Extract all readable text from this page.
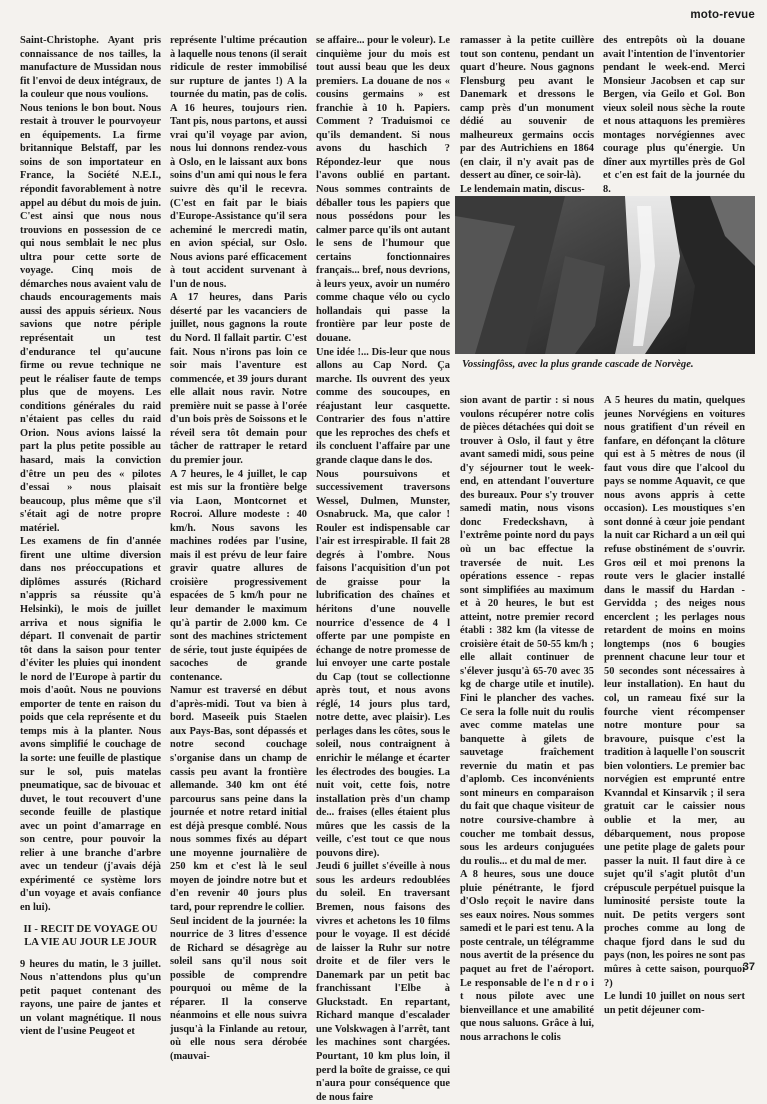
moto-revue

Saint-Christophe. Ayant pris connaissance de nos tailles, la manufacture de Mussidan nous fit l'envoi de deux intégraux, de la couleur que nous voulions.

Nous tenions le bon bout. Nous restait à trouver le pourvoyeur en équipements. La firme britannique Belstaff, par les soins de son importateur en France, la Société N.E.I., répondit favorablement à notre appel au début du mois de juin. C'est ainsi que nous nous trouvions en possession de ce qui nous semblait le nec plus ultra pour cette sorte de voyage. Cinq mois de démarches nous avaient valu de chauds encouragements mais aussi des appuis sérieux. Nous savions que notre périple représentait un test d'endurance tel qu'aucune firme ou revue technique ne peut le réaliser faute de temps plus que de moyens. Les conditions générales du raid n'étaient pas celles du raid Orion. Nous avions laissé la part la plus petite possible au hasard, mais la conviction d'être un peu des « pilotes d'essai » nous plaisait beaucoup, plus même que s'il s'était agi de notre propre matériel.

Les examens de fin d'année firent une ultime diversion dans nos préoccupations et diplômes assurés (Richard n'appris sa réussite qu'à Helsinki), le mois de juillet arriva et nous signifia le départ. Il convenait de partir tôt dans la saison pour tenter d'éviter les pluies qui inondent le nord de l'Europe à partir du mois d'août. Nous ne pouvions emporter de tente en raison du poids que cela représente et du temps mis à la planter. Nous avons simplifié le couchage de la sorte: une feuille de plastique sur le sol, puis matelas pneumatique, sac de bivouac et duvet, le tout recouvert d'une seconde feuille de plastique avec un point d'amarrage en son centre, pour pouvoir la relier à une branche d'arbre avec un tendeur (j'avais déjà expérimenté ce système lors d'un voyage et avais confiance en lui).

II - RECIT DE VOYAGE OU LA VIE AU JOUR LE JOUR

9 heures du matin, le 3 juillet. Nous n'attendons plus qu'un petit paquet contenant des rayons, une paire de jantes et un volant magnétique. Il nous vient de l'usine Peugeot et

représente l'ultime précaution à laquelle nous tenons (il serait ridicule de rester immobilisé sur rupture de jantes !) A la tournée du matin, pas de colis. A 16 heures, toujours rien. Tant pis, nous partons, et aussi vrai qu'il voyage par avion, nous lui donnons rendez-vous à Oslo, en le laissant aux bons soins d'un ami qui nous le fera suivre dès qu'il le recevra. (C'est en fait par le biais d'Europe-Assistance qu'il sera acheminé le mercredi matin, en avion spécial, sur Oslo. Nous avions paré efficacement à tout accident survenant à l'un de nous.

A 17 heures, dans Paris déserté par les vacanciers de juillet, nous gagnons la route du Nord. Il fallait partir. C'est fait. Nous n'irons pas loin ce soir mais l'aventure est commencée, et 39 jours durant elle allait nous ravir. Notre première nuit se passe à l'orée d'un bois près de Soissons et le réveil sera tôt demain pour tâcher de rattraper le retard du premier jour.

A 7 heures, le 4 juillet, le cap est mis sur la frontière belge via Laon, Montcornet et Rocroi. Allure modeste : 40 km/h. Nous savons les machines rodées par l'usine, mais il est prévu de leur faire gravir quatre allures de croisière progressivement espacées de 5 km/h pour ne leur demander le maximum qu'à partir de 2.000 km. Ce sont des machines strictement de série, tout juste équipées de sacoches de grande contenance.

Namur est traversé en début d'après-midi. Tout va bien à bord. Maseeik puis Staelen aux Pays-Bas, sont dépassés et notre second couchage s'organise dans un champ de cassis peu avant la frontière allemande. 340 km ont été parcourus sans peine dans la journée et notre retard initial est déjà presque comblé. Nous nous sommes fixés au départ une moyenne journalière de 250 km et c'est là le seul moyen de joindre notre but et d'en revenir 40 jours plus tard, pour reprendre le collier.

Seul incident de la journée: la nourrice de 3 litres d'essence de Richard se désagrège au soleil sans qu'il nous soit possible de comprendre pourquoi ou même de la réparer. Il la conserve néanmoins et elle nous suivra jusqu'à la Finlande au retour, où elle nous sera dérobée (mauvai-

se affaire... pour le voleur). Le cinquième jour du mois est tout aussi beau que les deux premiers. La douane de nos « cousins germains » est franchie à 10 h. Papiers. Comment ? Traduismoi ce qu'ils demandent. Si nous avons du haschich ? Répondez-leur que nous l'avons oublié en partant. Nous sommes contraints de déballer tous les papiers que nous possédons pour les calmer parce qu'ils ont autant le sens de l'humour que certains fonctionnaires français... bref, nous devrions, à leurs yeux, avoir un numéro comme chaque vélo ou cyclo hollandais qui passe la frontière par leur poste de douane.

Une idée !... Dis-leur que nous allons au Cap Nord. Ça marche. Ils ouvrent des yeux comme des soucoupes, en réajustant leur casquette. Contrarier des fous n'attire que les reproches des chefs et ils concluent l'affaire par une grande claque dans le dos.

Nous poursuivons et successivement traversons Wessel, Dulmen, Munster, Osnabruck. Ma, que calor ! Rouler est indispensable car l'air est irrespirable. Il fait 28 degrés à l'ombre. Nous faisons l'acquisition d'un pot de graisse pour la lubrification des chaînes et héritons d'une nouvelle nourrice d'essence de 4 l offerte par une pompiste en échange de notre promesse de lui envoyer une carte postale du Cap (tout se collectionne après tout, et nous avons réglé, 14 jours plus tard, notre dette, avec plaisir). Les perlages dans les côtes, sous le soleil, nous contraignent à enrichir le mélange et écarter les électrodes des bougies. La nuit voit, cette fois, notre installation près d'un champ de... fraises (elles étaient plus mûres que les cassis de la veille, c'est tout ce que nous pouvons dire).

Jeudi 6 juillet s'éveille à nous sous les ardeurs redoublées du soleil. En traversant Bremen, nous faisons des vivres et achetons les 10 films pour le voyage. Il est décidé de laisser la Ruhr sur notre droite et de filer vers le Danemark par un petit bac franchissant l'Elbe à Gluckstadt. En repartant, Richard manque d'escalader une Volskwagen à l'arrêt, tant les machines sont chargées. Pourtant, 10 km plus loin, il perd la boîte de graisse, ce qui n'aura pour conséquence que de nous faire

ramasser à la petite cuillère tout son contenu, pendant un quart d'heure. Nous gagnons Flensburg peu avant le Danemark et dressons le camp près d'un monument dédié au souvenir de malheureux germains occis par des Autrichiens en 1864 (en clair, il n'y avait pas de dessert au dîner, ce soir-là).

Le lendemain matin, discus-

des entrepôts où la douane avait l'intention de l'inventorier pendant le week-end. Merci Monsieur Jacobsen et cap sur Bergen, via Geilo et Gol. Bon vieux soleil nous sèche la route et nous attaquons les premières montages norvégiennes avec courage plus qu'énergie. Un dîner aux myrtilles près de Gol et c'en est fait de la journée du 8.

Vossingfôss, avec la plus grande cascade de Norvège.

sion avant de partir : si nous voulons récupérer notre colis de pièces détachées qui doit se trouver à Oslo, il faut y être avant samedi midi, sous peine d'y séjourner tout le week-end, en attendant l'ouverture des bureaux. Pour s'y trouver samedi matin, nous visons donc Fredeckshavn, à l'extrême pointe nord du pays où un bac effectue la traversée de nuit. Les opérations essence - repas sont simplifiées au maximum et à 20 heures, le but est atteint, notre premier record établi : 382 km (la vitesse de croisière était de 50-55 km/h ; elle allait continuer de s'élever jusqu'à 65-70 avec 35 kg de charge utile et inutile). Fini le plancher des vaches. Ce sera la folle nuit du roulis avec comme matelas une banquette à gilets de sauvetage fraîchement revernie du matin et pas d'aplomb. Ces inconvénients sont mineurs en comparaison du fait que chaque visiteur de notre coursive-chambre à coucher me tombait dessus, sous les ardeurs conjuguées du roulis... et du mal de mer.

A 8 heures, sous une douce pluie pénétrante, le fjord d'Oslo reçoit le navire dans ses eaux noires. Nous sommes samedi et le pari est tenu. A la poste centrale, un télégramme nous avertit de la présence du paquet au fret de l'aéroport. Le responsable de l'e n d r o i t nous pilote avec une bienveillance et une amabilité que nous saluons. Grâce à lui, nous arrachons le colis

A 5 heures du matin, quelques jeunes Norvégiens en voitures nous gratifient d'un réveil en fanfare, en défonçant la clôture qui est à 5 mètres de nous (il faut vous dire que l'alcool du pays se nomme Aquavit, ce que nous avons appris à cette occasion). Les moustiques s'en sont donné à cœur joie pendant la nuit car Richard a un œil qui refuse obstinément de s'ouvrir. Gros œil et moi prenons la route vers le glacier installé dans le massif du Hardan - Gervidda ; des neiges nous encerclent ; les perlages nous retardent de moins en moins longtemps (nos 6 bougies prennent chacune leur tour et 50 secondes sont nécessaires à leur installation). En haut du col, un rameau fixé sur la fourche vient récompenser notre monture pour sa bravoure, puisque c'est la tradition à laquelle l'on souscrit bien volontiers. Le premier bac norvégien est emprunté entre Kvanndal et Kinsarvik ; il sera gratuit car le caissier nous oublie et la mer, au débarquement, nous propose une petite plage de galets pour passer la nuit. Il faut dire à ce sujet qu'il s'agit plutôt d'un crépuscule perpétuel puisque la luminosité persiste toute la nuit. De petits vergers sont proches comme au long de chaque fjord dans le sud du pays (non, les poires ne sont pas mûres à cette saison, pourquoi ?)

Le lundi 10 juillet on nous sert un petit déjeuner com-

37
